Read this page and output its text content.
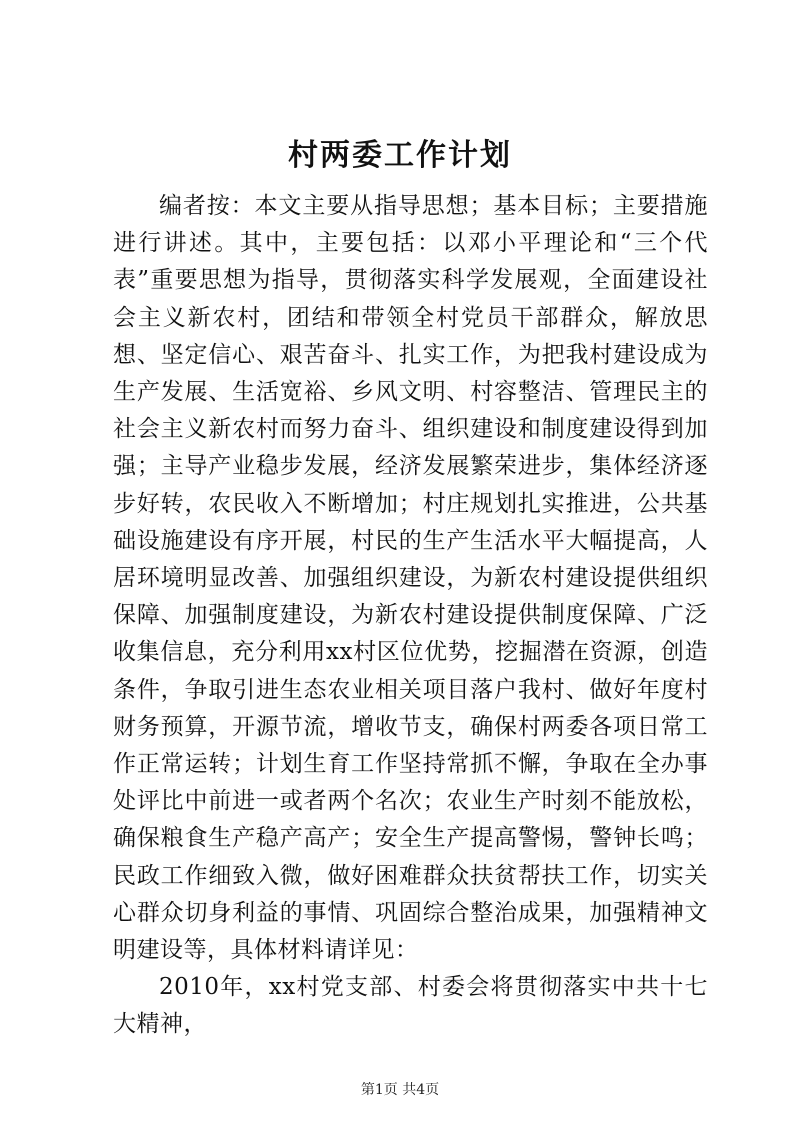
村两委工作计划

编者按：本文主要从指导思想；基本目标；主要措施进行讲述。其中，主要包括：以邓小平理论和“三个代表”重要思想为指导，贯彻落实科学发展观，全面建设社会主义新农村，团结和带领全村党员干部群众，解放思想、坚定信心、艰苦奋斗、扎实工作，为把我村建设成为生产发展、生活宽裕、乡风文明、村容整洁、管理民主的社会主义新农村而努力奋斗、组织建设和制度建设得到加强；主导产业稳步发展，经济发展繁荣进步，集体经济逐步好转，农民收入不断增加；村庄规划扎实推进，公共基础设施建设有序开展，村民的生产生活水平大幅提高，人居环境明显改善、加强组织建设，为新农村建设提供组织保障、加强制度建设，为新农村建设提供制度保障、广泛收集信息，充分利用xx村区位优势，挖掘潜在资源，创造条件，争取引进生态农业相关项目落户我村、做好年度村财务预算，开源节流，增收节支，确保村两委各项日常工作正常运转；计划生育工作坚持常抓不懈，争取在全办事处评比中前进一或者两个名次；农业生产时刻不能放松，确保粮食生产稳产高产；安全生产提高警惕，警钟长鸣；民政工作细致入微，做好困难群众扶贫帮扶工作，切实关心群众切身利益的事情、巩固综合整治成果，加强精神文明建设等，具体材料请详见：

2010年，xx村党支部、村委会将贯彻落实中共十七大精神，

第1页 共4页
